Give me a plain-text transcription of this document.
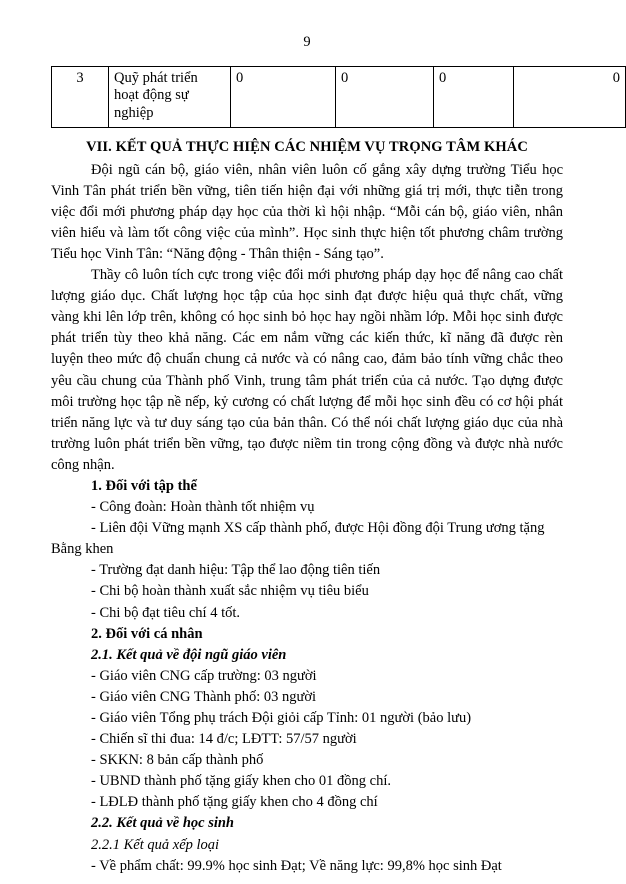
9
3	Quỹ phát triển hoạt động sự nghiệp	0	0	0	0
VII. KẾT QUẢ THỰC HIỆN CÁC NHIỆM VỤ TRỌNG TÂM KHÁC

Đội ngũ cán bộ, giáo viên, nhân viên luôn cố gắng xây dựng trường Tiểu học Vinh Tân phát triển bền vững, tiên tiến hiện đại với những giá trị mới, thực tiễn trong việc đổi mới phương pháp dạy học của thời kì hội nhập. “Mỗi cán bộ, giáo viên, nhân viên hiểu và làm tốt công việc của mình”. Học sinh thực hiện tốt phương châm trường Tiểu học Vinh Tân: “Năng động - Thân thiện - Sáng tạo”.

Thầy cô luôn tích cực trong việc đổi mới phương pháp dạy học để nâng cao chất lượng giáo dục. Chất lượng học tập của học sinh đạt được hiệu quả thực chất, vững vàng khi lên lớp trên, không có học sinh bỏ học hay ngồi nhầm lớp. Mỗi học sinh được phát triển tùy theo khả năng. Các em nắm vững các kiến thức, kĩ năng đã được rèn luyện theo mức độ chuẩn chung cả nước và có nâng cao, đảm bảo tính vững chắc theo yêu cầu chung của Thành phố Vinh, trung tâm phát triển của cả nước. Tạo dựng được môi trường học tập nề nếp, kỷ cương có chất lượng để mỗi học sinh đều có cơ hội phát triển năng lực và tư duy sáng tạo của bản thân. Có thể nói chất lượng giáo dục của nhà trường luôn phát triển bền vững, tạo được niềm tin trong cộng đồng và được nhà nước công nhận.

1. Đối với tập thể
- Công đoàn: Hoàn thành tốt nhiệm vụ
- Liên đội Vững mạnh XS cấp thành phố, được Hội đồng đội Trung ương tặng Bằng khen
- Trường đạt danh hiệu: Tập thể lao động tiên tiến
- Chi bộ hoàn thành xuất sắc nhiệm vụ tiêu biểu
- Chi bộ đạt tiêu chí 4 tốt.
2. Đối với cá nhân
2.1. Kết quả về đội ngũ giáo viên
- Giáo viên CNG cấp trường: 03 người
- Giáo viên CNG Thành phố: 03 người
- Giáo viên Tổng phụ trách Đội giỏi cấp Tỉnh: 01 người (bảo lưu)
- Chiến sĩ thi đua: 14 đ/c; LĐTT: 57/57 người
- SKKN: 8 bản cấp thành phố
- UBND thành phố tặng giấy khen cho 01 đồng chí.
- LĐLĐ thành phố tặng giấy khen cho 4 đồng chí
2.2. Kết quả về học sinh
2.2.1 Kết quả xếp loại
- Về phẩm chất: 99.9% học sinh Đạt; Về năng lực: 99,8% học sinh Đạt
